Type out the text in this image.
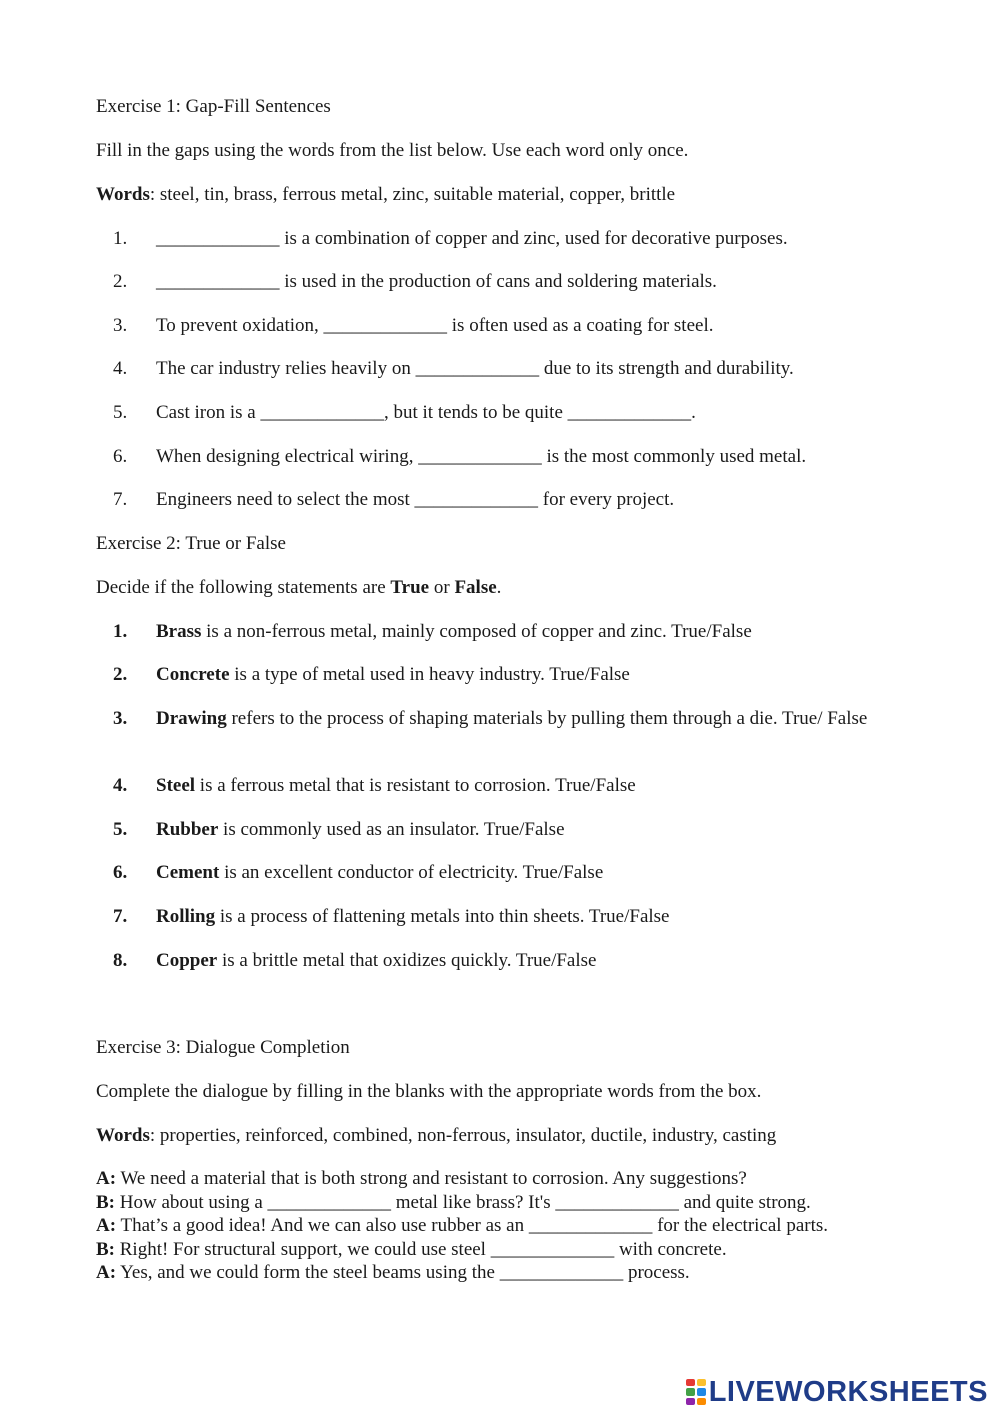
Exercise 1: Gap-Fill Sentences
Fill in the gaps using the words from the list below. Use each word only once.
Words: steel, tin, brass, ferrous metal, zinc, suitable material, copper, brittle
1. _____________ is a combination of copper and zinc, used for decorative purposes.
2. _____________ is used in the production of cans and soldering materials.
3. To prevent oxidation, _____________ is often used as a coating for steel.
4. The car industry relies heavily on _____________ due to its strength and durability.
5. Cast iron is a _____________, but it tends to be quite _____________.
6. When designing electrical wiring, _____________ is the most commonly used metal.
7. Engineers need to select the most _____________ for every project.
Exercise 2: True or False
Decide if the following statements are True or False.
1. Brass is a non-ferrous metal, mainly composed of copper and zinc. True/False
2. Concrete is a type of metal used in heavy industry. True/False
3. Drawing refers to the process of shaping materials by pulling them through a die. True/ False
4. Steel is a ferrous metal that is resistant to corrosion. True/False
5. Rubber is commonly used as an insulator. True/False
6. Cement is an excellent conductor of electricity. True/False
7. Rolling is a process of flattening metals into thin sheets. True/False
8. Copper is a brittle metal that oxidizes quickly. True/False
Exercise 3: Dialogue Completion
Complete the dialogue by filling in the blanks with the appropriate words from the box.
Words: properties, reinforced, combined, non-ferrous, insulator, ductile, industry, casting
A: We need a material that is both strong and resistant to corrosion. Any suggestions?
B: How about using a _____________ metal like brass? It's _____________ and quite strong.
A: That’s a good idea! And we can also use rubber as an _____________ for the electrical parts.
B: Right! For structural support, we could use steel _____________ with concrete.
A: Yes, and we could form the steel beams using the _____________ process.
LIVEWORKSHEETS
